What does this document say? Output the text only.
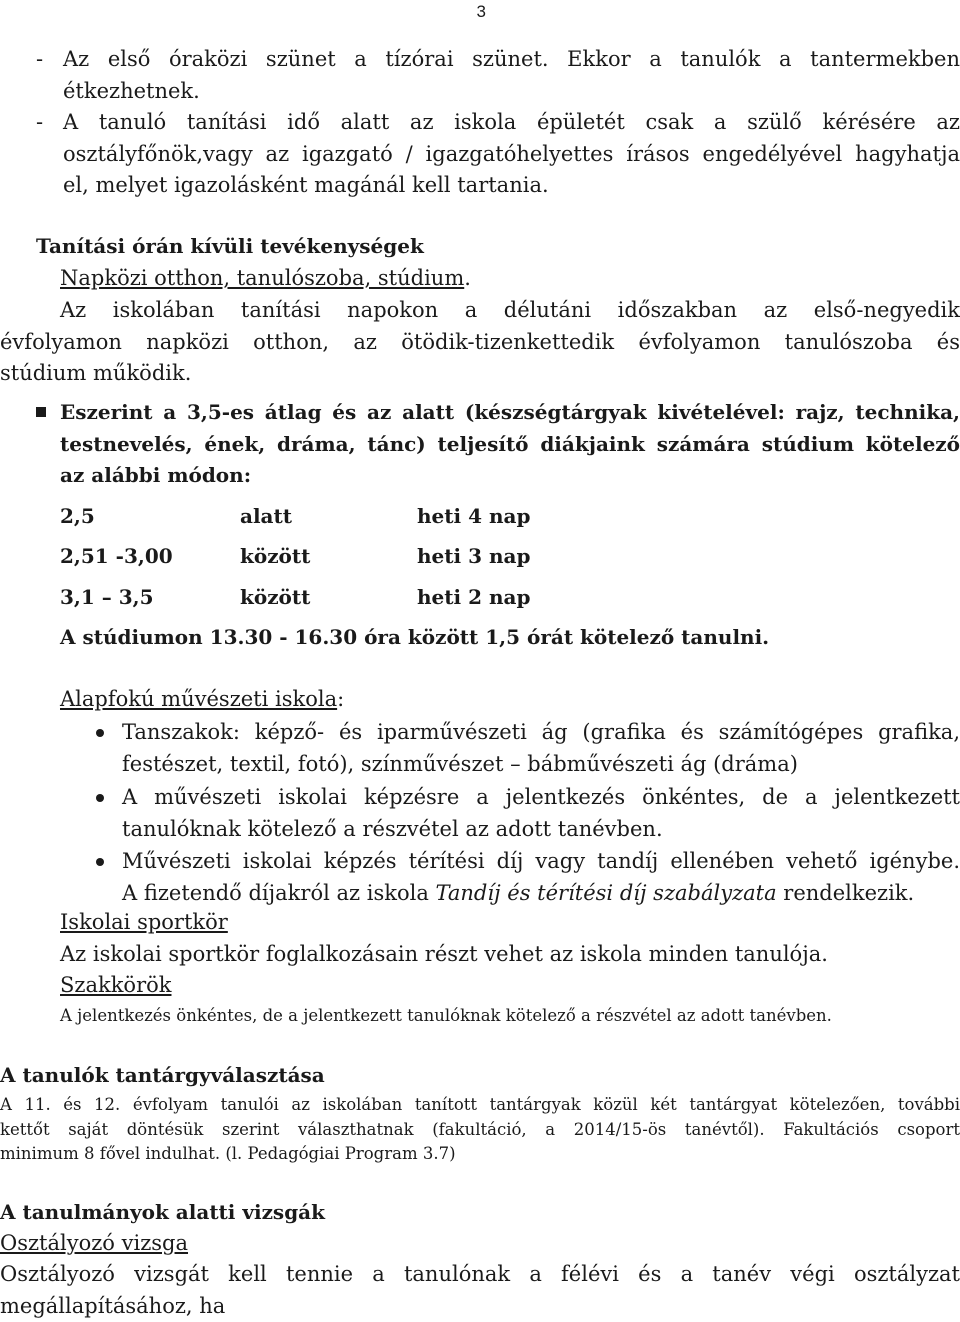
3
- Az első óraközi szünet a tízórai szünet. Ekkor a tanulók a tantermekben
étkezhetnek.
- A tanuló tanítási idő alatt az iskola épületét csak a szülő kérésére az
osztályfőnök,vagy az igazgató / igazgatóhelyettes írásos engedélyével hagyhatja
el, melyet igazolásként magánál kell tartania.
Tanítási órán kívüli tevékenységek
Napközi otthon, tanulószoba, stúdium.
Az iskolában tanítási napokon a délutáni időszakban az első-negyedik
évfolyamon napközi otthon, az ötödik-tizenkettedik évfolyamon tanulószoba és
stúdium működik.
Eszerint a 3,5-es átlag és az alatt (készségtárgyak kivételével: rajz, technika,
testnevelés, ének, dráma, tánc) teljesítő diákjaink számára stúdium kötelező
az alábbi módon:
2,5	alatt	heti 4 nap
2,51 -3,00	között	heti 3 nap
3,1 – 3,5	között	heti 2 nap
A stúdiumon 13.30 - 16.30 óra között 1,5 órát kötelező tanulni.
Alapfokú művészeti iskola:
Tanszakok: képző- és iparművészeti ág (grafika és számítógépes grafika,
festészet, textil, fotó), színművészet – bábművészeti ág (dráma)
A művészeti iskolai képzésre a jelentkezés önkéntes, de a jelentkezett
tanulóknak kötelező a részvétel az adott tanévben.
Művészeti iskolai képzés térítési díj vagy tandíj ellenében vehető igénybe.
A fizetendő díjakról az iskola Tandíj és térítési díj szabályzata rendelkezik.
Iskolai sportkör
Az iskolai sportkör foglalkozásain részt vehet az iskola minden tanulója.
Szakkörök
A jelentkezés önkéntes, de a jelentkezett tanulóknak kötelező a részvétel az adott tanévben.
A tanulók tantárgyválasztása
A 11. és 12. évfolyam tanulói az iskolában tanított tantárgyak közül két tantárgyat kötelezően, további
kettőt saját döntésük szerint választhatnak (fakultáció, a 2014/15-ös tanévtől). Fakultációs csoport
minimum 8 fővel indulhat. (l. Pedagógiai Program 3.7)
A tanulmányok alatti vizsgák
Osztályozó vizsga
Osztályozó vizsgát kell tennie a tanulónak a félévi és a tanév végi osztályzat
megállapításához, ha
